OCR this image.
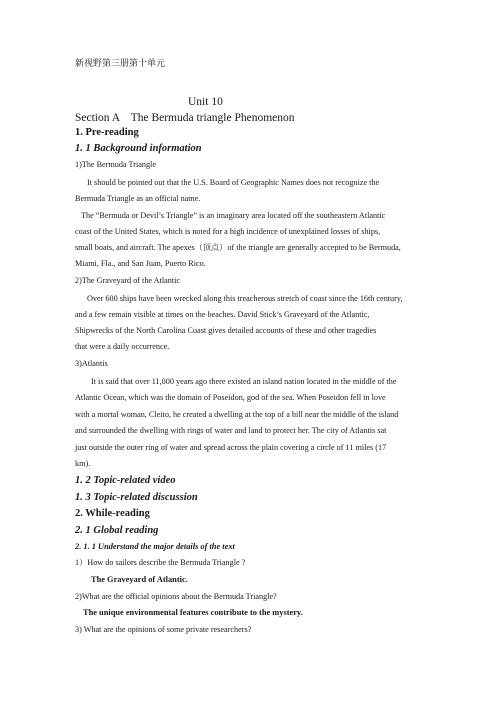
新视野第三册第十单元
Unit 10
Section A    The Bermuda triangle Phenomenon
1. Pre-reading
1. 1 Background information
1)The Bermuda Triangle
It should be pointed out that the U.S. Board of Geographic Names does not recognize the
Bermuda Triangle as an official name.
The “Bermuda or Devil’s Triangle” is an imaginary area located off the southeastern Atlantic
coast of the United States, which is noted for a high incidence of unexplained losses of ships,
small boats, and aircraft. The apexes（顶点）of the triangle are generally accepted to be Bermuda,
Miami, Fla., and San Juan, Puerto Rico.
2)The Graveyard of the Atlantic
Over 600 ships have been wrecked along this treacherous stretch of coast since the 16th century,
and a few remain visible at times on the beaches. David Stick’s Graveyard of the Atlantic,
Shipwrecks of the North Carolina Coast gives detailed accounts of these and other tragedies
that were a daily occurrence.
3)Atlantis
It is said that over 11,000 years ago there existed an island nation located in the middle of the
Atlantic Ocean, which was the domain of Poseidon, god of the sea. When Poseidon fell in love
with a mortal woman, Cleito, he created a dwelling at the top of a hill near the middle of the island
and surrounded the dwelling with rings of water and land to protect her. The city of Atlantis sat
just outside the outer ring of water and spread across the plain covering a circle of 11 miles (17
km).
1. 2 Topic-related video
1. 3 Topic-related discussion
2. While-reading
2. 1 Global reading
2. 1. 1 Understand the major details of the text
1）How do sailors describe the Bermuda Triangle ?
The Graveyard of Atlantic.
2)What are the official opinions about the Bermuda Triangle?
The unique environmental features contribute to the mystery.
3) What are the opinions of some private researchers?
